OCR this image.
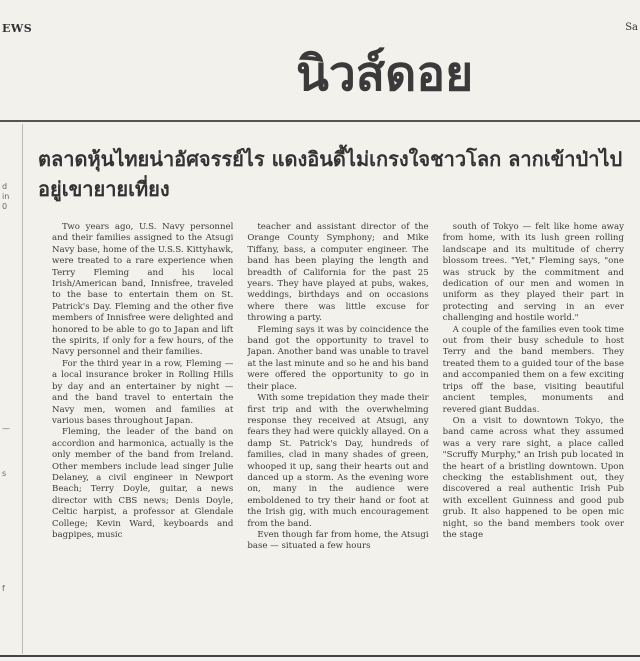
EWS	Sa
นิวส์ดอย
d
in
0
—
s
f
ตลาดหุ้นไทยน่าอัศจรรย์ไร แดงอินดี้ไม่เกรงใจชาวโลก ลากเข้าป่าไปอยู่เขายายเที่ยง

Two years ago, U.S. Navy personnel and their families assigned to the Atsugi Navy base, home of the U.S.S. Kittyhawk, were treated to a rare experience when Terry Fleming and his local Irish/American band, Innisfree, traveled to the base to entertain them on St. Patrick's Day. Fleming and the other five members of Innisfree were delighted and honored to be able to go to Japan and lift the spirits, if only for a few hours, of the Navy personnel and their families.

For the third year in a row, Fleming — a local insurance broker in Rolling Hills by day and an entertainer by night — and the band travel to entertain the Navy men, women and families at various bases throughout Japan.

Fleming, the leader of the band on accordion and harmonica, actually is the only member of the band from Ireland. Other members include lead singer Julie Delaney, a civil engineer in Newport Beach; Terry Doyle, guitar, a news director with CBS news; Denis Doyle, Celtic harpist, a professor at Glendale College; Kevin Ward, keyboards and bagpipes, music

teacher and assistant director of the Orange County Symphony; and Mike Tiffany, bass, a computer engineer. The band has been playing the length and breadth of California for the past 25 years. They have played at pubs, wakes, weddings, birthdays and on occasions where there was little excuse for throwing a party.

Fleming says it was by coincidence the band got the opportunity to travel to Japan. Another band was unable to travel at the last minute and so he and his band were offered the opportunity to go in their place.

With some trepidation they made their first trip and with the overwhelming response they received at Atsugi, any fears they had were quickly allayed. On a damp St. Patrick's Day, hundreds of families, clad in many shades of green, whooped it up, sang their hearts out and danced up a storm. As the evening wore on, many in the audience were emboldened to try their hand or foot at the Irish gig, with much encouragement from the band.

Even though far from home, the Atsugi base — situated a few hours

south of Tokyo — felt like home away from home, with its lush green rolling landscape and its multitude of cherry blossom trees. "Yet," Fleming says, "one was struck by the commitment and dedication of our men and women in uniform as they played their part in protecting and serving in an ever challenging and hostile world."

A couple of the families even took time out from their busy schedule to host Terry and the band members. They treated them to a guided tour of the base and accompanied them on a few exciting trips off the base, visiting beautiful ancient temples, monuments and revered giant Buddas.

On a visit to downtown Tokyo, the band came across what they assumed was a very rare sight, a place called "Scruffy Murphy," an Irish pub located in the heart of a bristling downtown. Upon checking the establishment out, they discovered a real authentic Irish Pub with excellent Guinness and good pub grub. It also happened to be open mic night, so the band members took over the stage
